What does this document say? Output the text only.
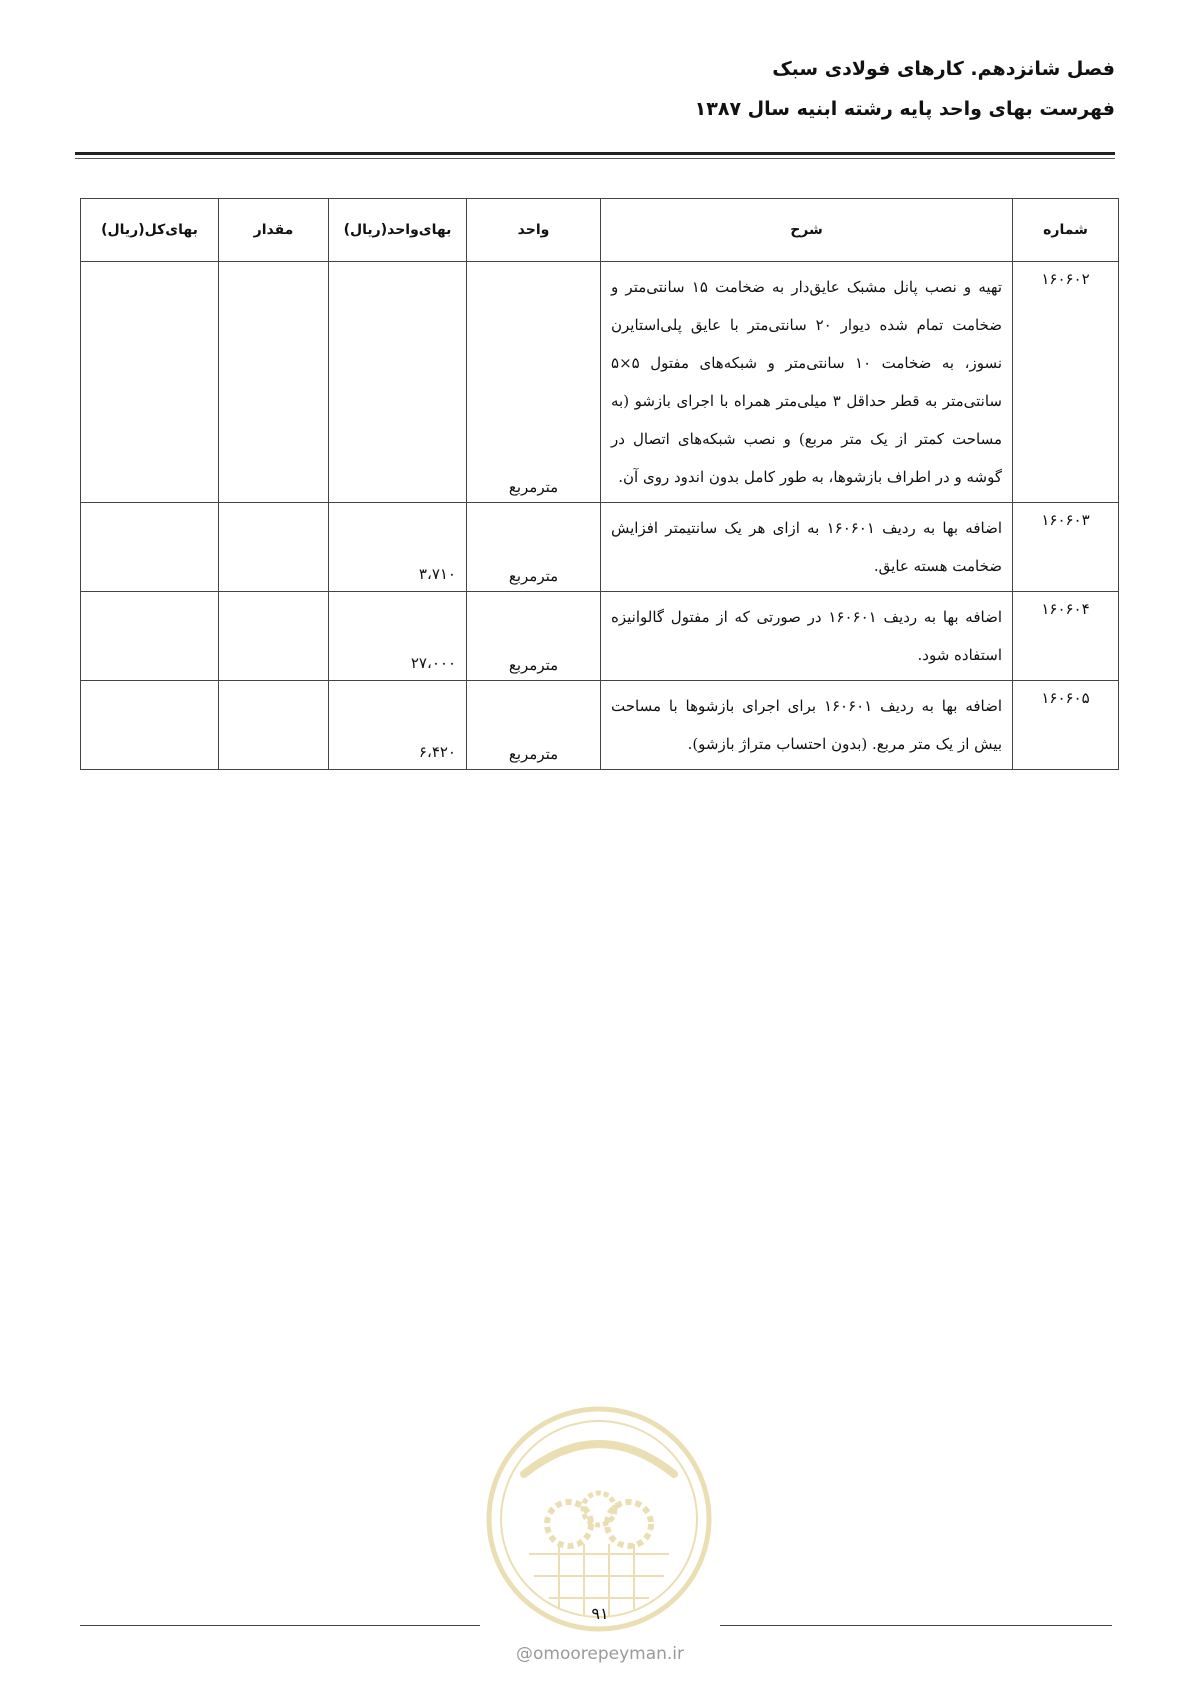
فصل شانزدهم. کارهای فولادی سبک
فهرست بهای واحد پایه رشته ابنیه سال ۱۳۸۷
شماره	شرح	واحد	بهای‌واحد(ریال)	مقدار	بهای‌کل(ریال)
۱۶۰۶۰۲	تهیه و نصب پانل مشبک عایق‌دار به ضخامت ۱۵ سانتی‌متر و ضخامت تمام شده دیوار ۲۰ سانتی‌متر با عایق پلی‌استایرن نسوز، به ضخامت ۱۰ سانتی‌متر و شبکه‌های مفتول ۵×۵ سانتی‌متر به قطر حداقل ۳ میلی‌متر همراه با اجرای بازشو (به مساحت کمتر از یک متر مربع) و نصب شبکه‌های اتصال در گوشه و در اطراف بازشوها، به طور کامل بدون اندود روی آن.	مترمربع			
۱۶۰۶۰۳	اضافه بها به ردیف ۱۶۰۶۰۱ به ازای هر یک سانتیمتر افزایش ضخامت هسته عایق.	مترمربع	۳،۷۱۰		
۱۶۰۶۰۴	اضافه بها به ردیف ۱۶۰۶۰۱ در صورتی که از مفتول گالوانیزه استفاده شود.	مترمربع	۲۷،۰۰۰		
۱۶۰۶۰۵	اضافه بها به ردیف ۱۶۰۶۰۱ برای اجرای بازشوها با مساحت بیش از یک متر مربع. (بدون احتساب متراژ بازشو).	مترمربع	۶،۴۲۰		
۹۱
@omoorepeyman.ir
